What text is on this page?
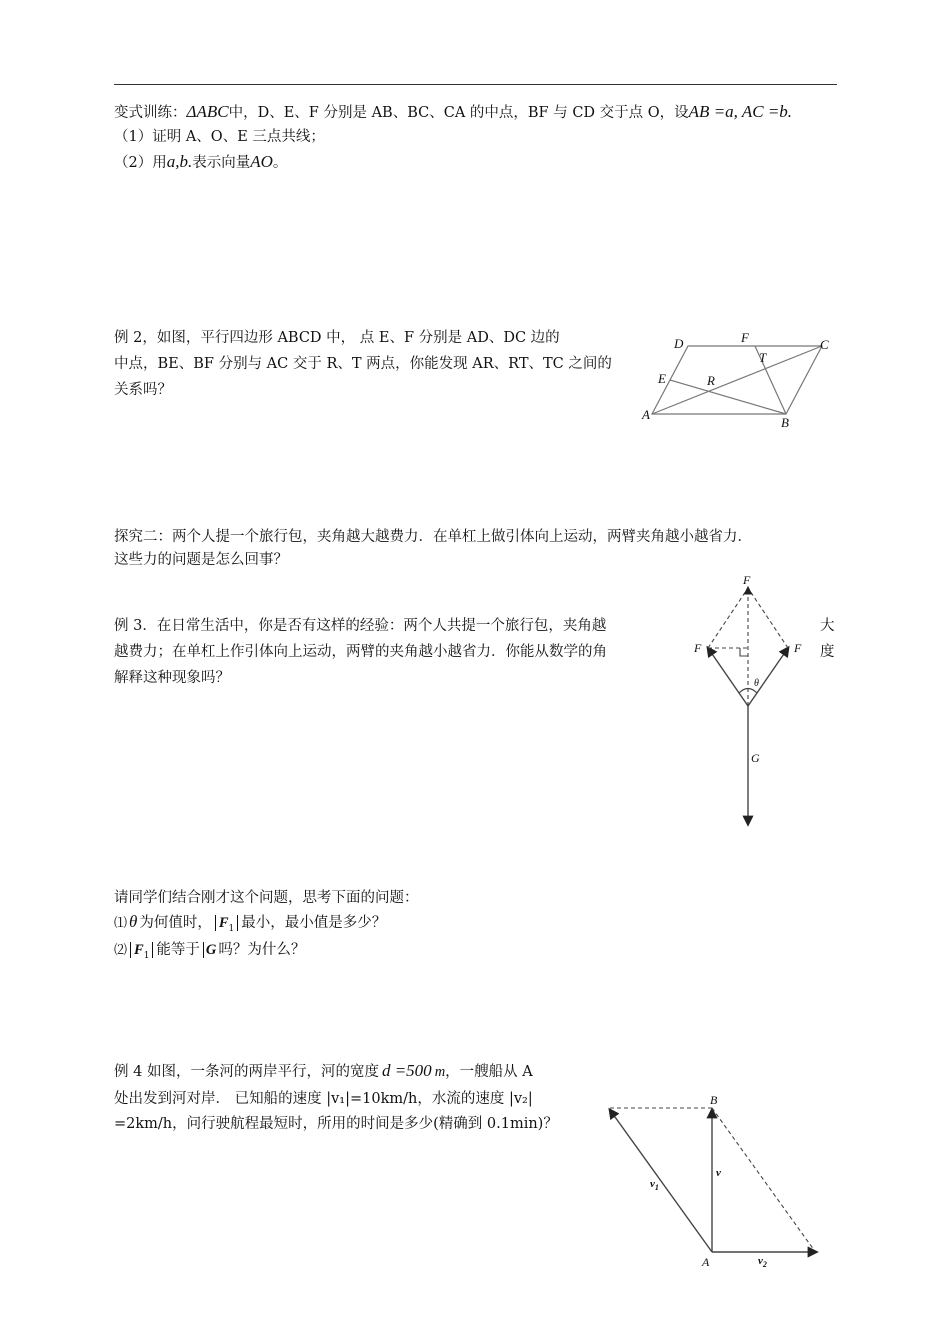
变式训练：ΔABC中，D、E、F 分别是 AB、BC、CA 的中点，BF 与 CD 交于点 O，设AB =a, AC =b.
（1）证明 A、O、E 三点共线；
（2）用a,b.表示向量AO。
例 2，如图，平行四边形 ABCD 中， 点 E、F 分别是 AD、DC 边的
中点，BE、BF 分别与 AC 交于 R、T 两点，你能发现 AR、RT、TC 之间的
关系吗？
A
B
C
D
E
F
R
T
探究二：两个人提一个旅行包，夹角越大越费力．在单杠上做引体向上运动，两臂夹角越小越省力．
这些力的问题是怎么回事？
例 3．在日常生活中，你是否有这样的经验：两个人共提一个旅行包，夹角越	大
越费力；在单杠上作引体向上运动，两臂的夹角越小越省力．你能从数学的角	度
解释这种现象吗？
F
F	F
θ
G
请同学们结合刚才这个问题，思考下面的问题：
⑴ θ 为何值时， $F_1$ 最小，最小值是多少？
⑵ $F_1$ 能等于 G 吗？为什么？
例 4 如图，一条河的两岸平行，河的宽度 d =500 m，一艘船从 A
处出发到河对岸． 已知船的速度 |v₁|=10km/h，水流的速度 |v₂|
=2km/h，问行驶航程最短时，所用的时间是多少(精确到 0.1min)？
A
B
v
$v_1$
$v_2$
